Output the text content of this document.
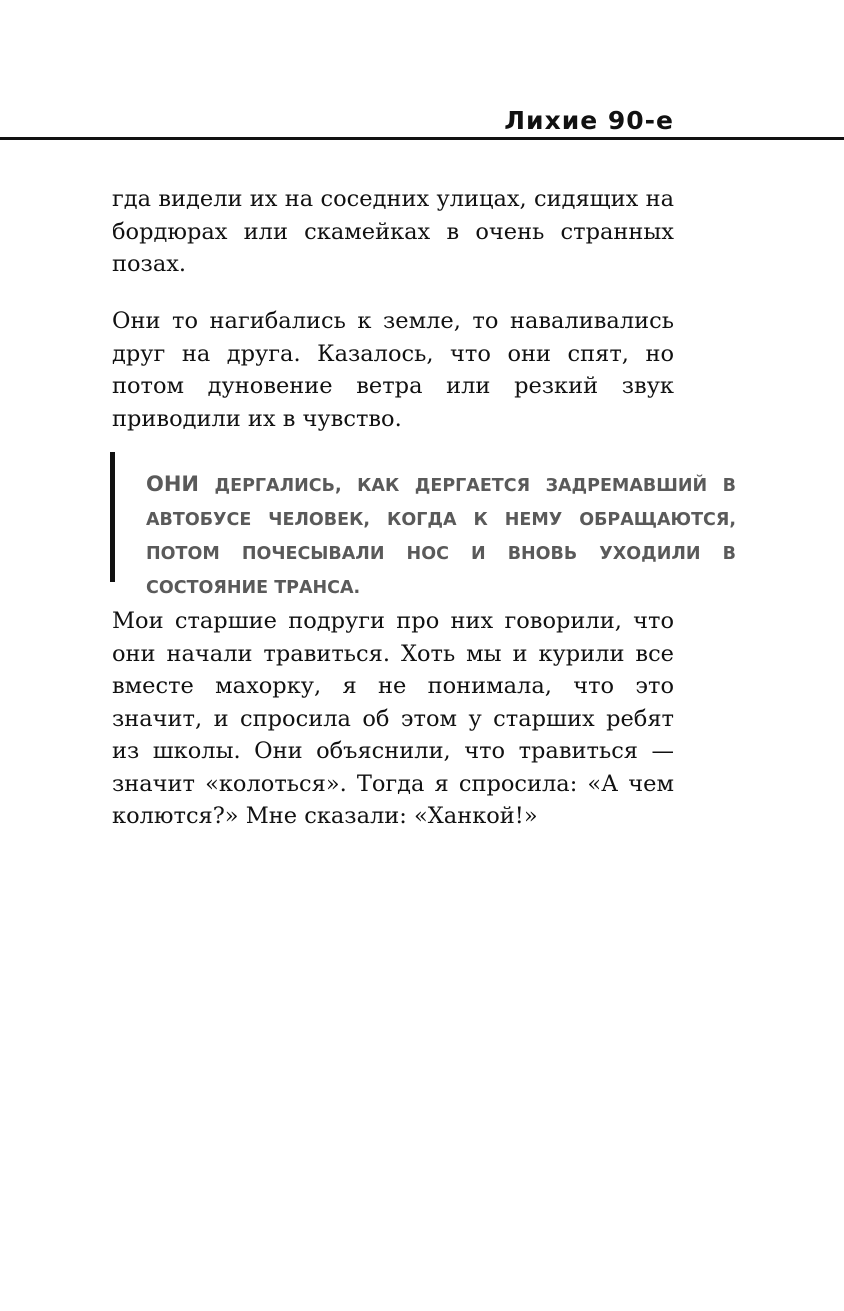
Лихие 90-е

гда видели их на соседних улицах, сидящих на бордюрах или скамейках в очень странных позах.

Они то нагибались к земле, то наваливались друг на друга. Казалось, что они спят, но потом дуновение ветра или резкий звук приводили их в чувство.

ОНИ ДЕРГАЛИСЬ, КАК ДЕРГАЕТСЯ ЗАДРЕМАВШИЙ В АВТОБУСЕ ЧЕЛОВЕК, КОГДА К НЕМУ ОБРАЩАЮТСЯ, ПОТОМ ПОЧЕСЫВАЛИ НОС И ВНОВЬ УХОДИЛИ В СОСТОЯНИЕ ТРАНСА.

Мои старшие подруги про них говорили, что они начали травиться. Хоть мы и курили все вместе махорку, я не понимала, что это значит, и спросила об этом у старших ребят из школы. Они объяснили, что травиться — значит «колоться». Тогда я спросила: «А чем колются?» Мне сказали: «Ханкой!»
